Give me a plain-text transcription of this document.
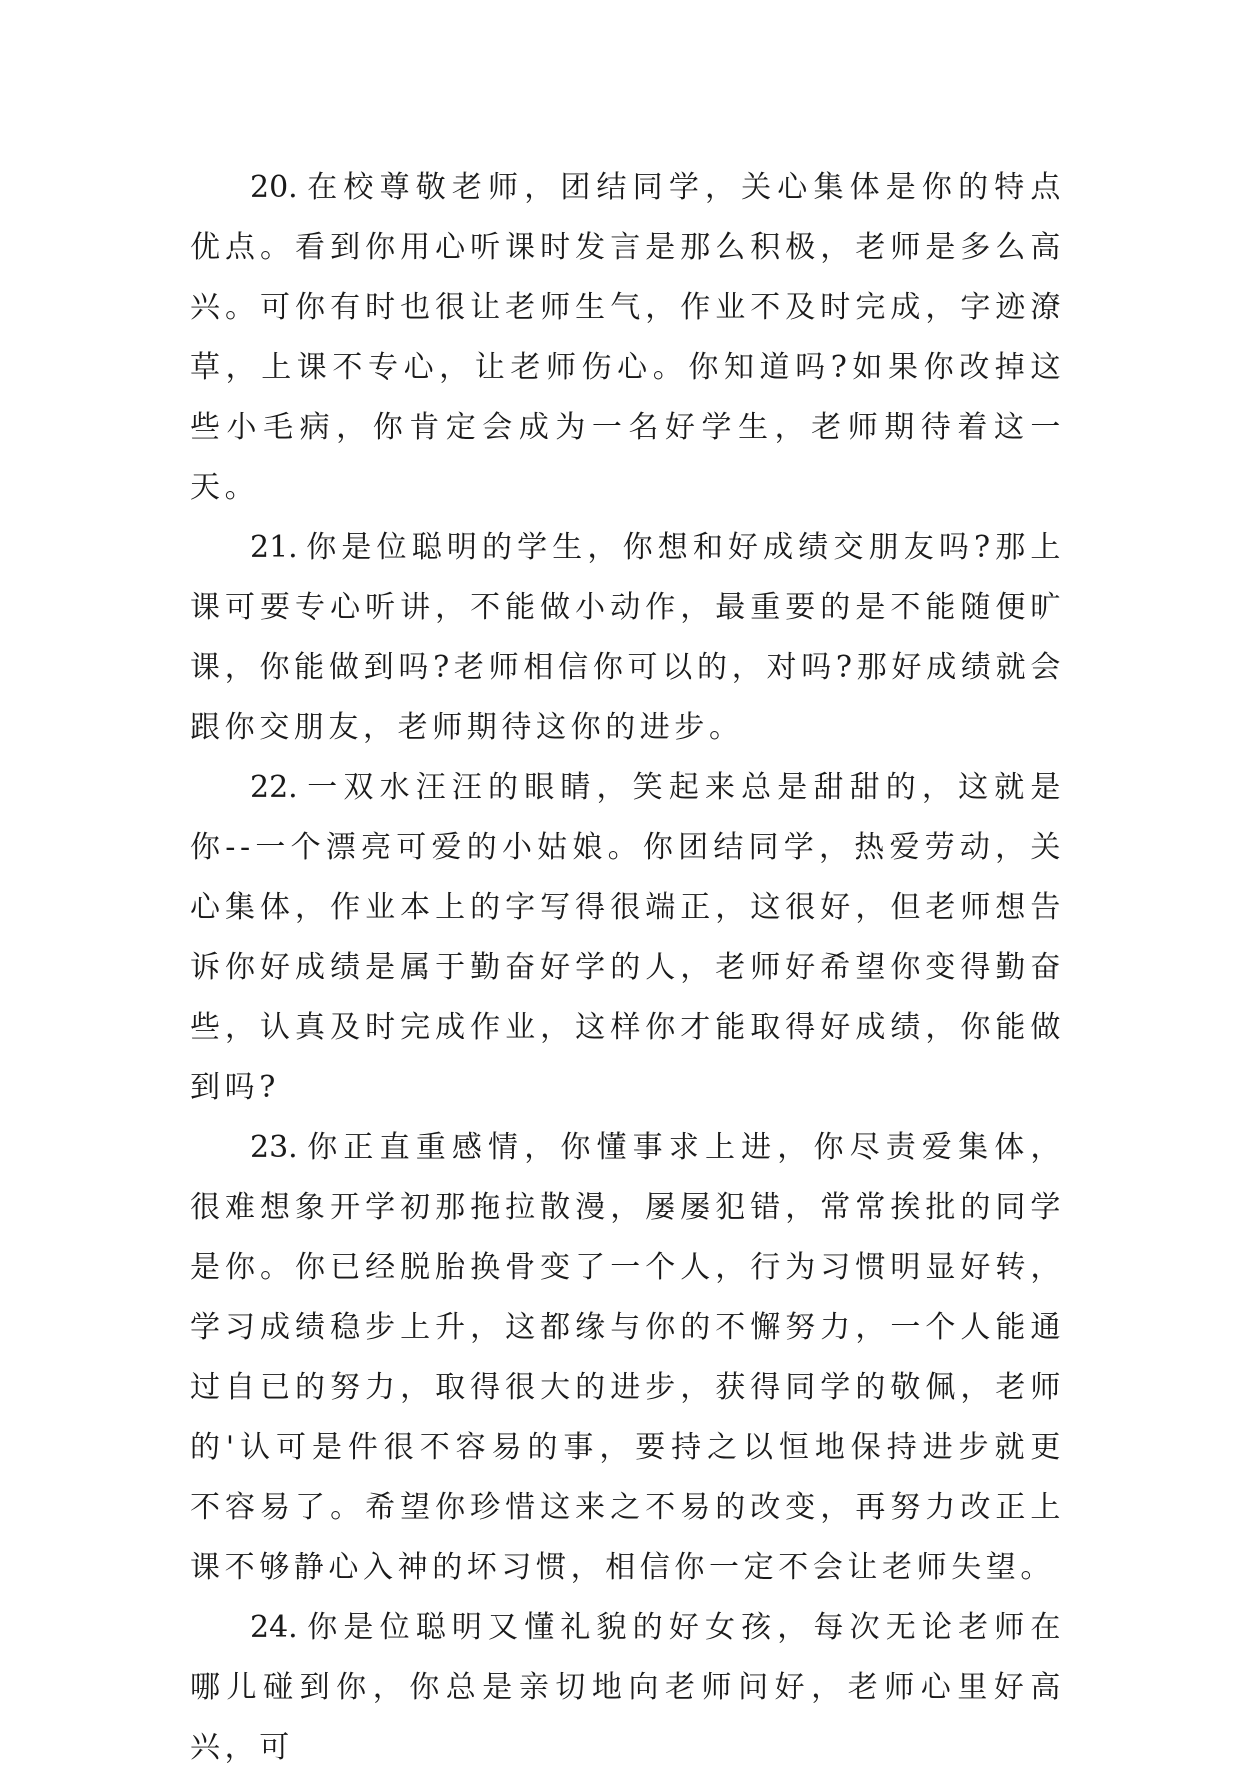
20. 在校尊敬老师，团结同学，关心集体是你的特点优点。看到你用心听课时发言是那么积极，老师是多么高兴。可你有时也很让老师生气，作业不及时完成，字迹潦草，上课不专心，让老师伤心。你知道吗?如果你改掉这些小毛病，你肯定会成为一名好学生，老师期待着这一天。

21. 你是位聪明的学生，你想和好成绩交朋友吗?那上课可要专心听讲，不能做小动作，最重要的是不能随便旷课，你能做到吗?老师相信你可以的，对吗?那好成绩就会跟你交朋友，老师期待这你的进步。

22. 一双水汪汪的眼睛，笑起来总是甜甜的，这就是你--一个漂亮可爱的小姑娘。你团结同学，热爱劳动，关心集体，作业本上的字写得很端正，这很好，但老师想告诉你好成绩是属于勤奋好学的人，老师好希望你变得勤奋些，认真及时完成作业，这样你才能取得好成绩，你能做到吗?

23. 你正直重感情，你懂事求上进，你尽责爱集体，很难想象开学初那拖拉散漫，屡屡犯错，常常挨批的同学是你。你已经脱胎换骨变了一个人，行为习惯明显好转，学习成绩稳步上升，这都缘与你的不懈努力，一个人能通过自已的努力，取得很大的进步，获得同学的敬佩，老师的'认可是件很不容易的事，要持之以恒地保持进步就更不容易了。希望你珍惜这来之不易的改变，再努力改正上课不够静心入神的坏习惯，相信你一定不会让老师失望。

24. 你是位聪明又懂礼貌的好女孩，每次无论老师在哪儿碰到你，你总是亲切地向老师问好，老师心里好高兴，可
